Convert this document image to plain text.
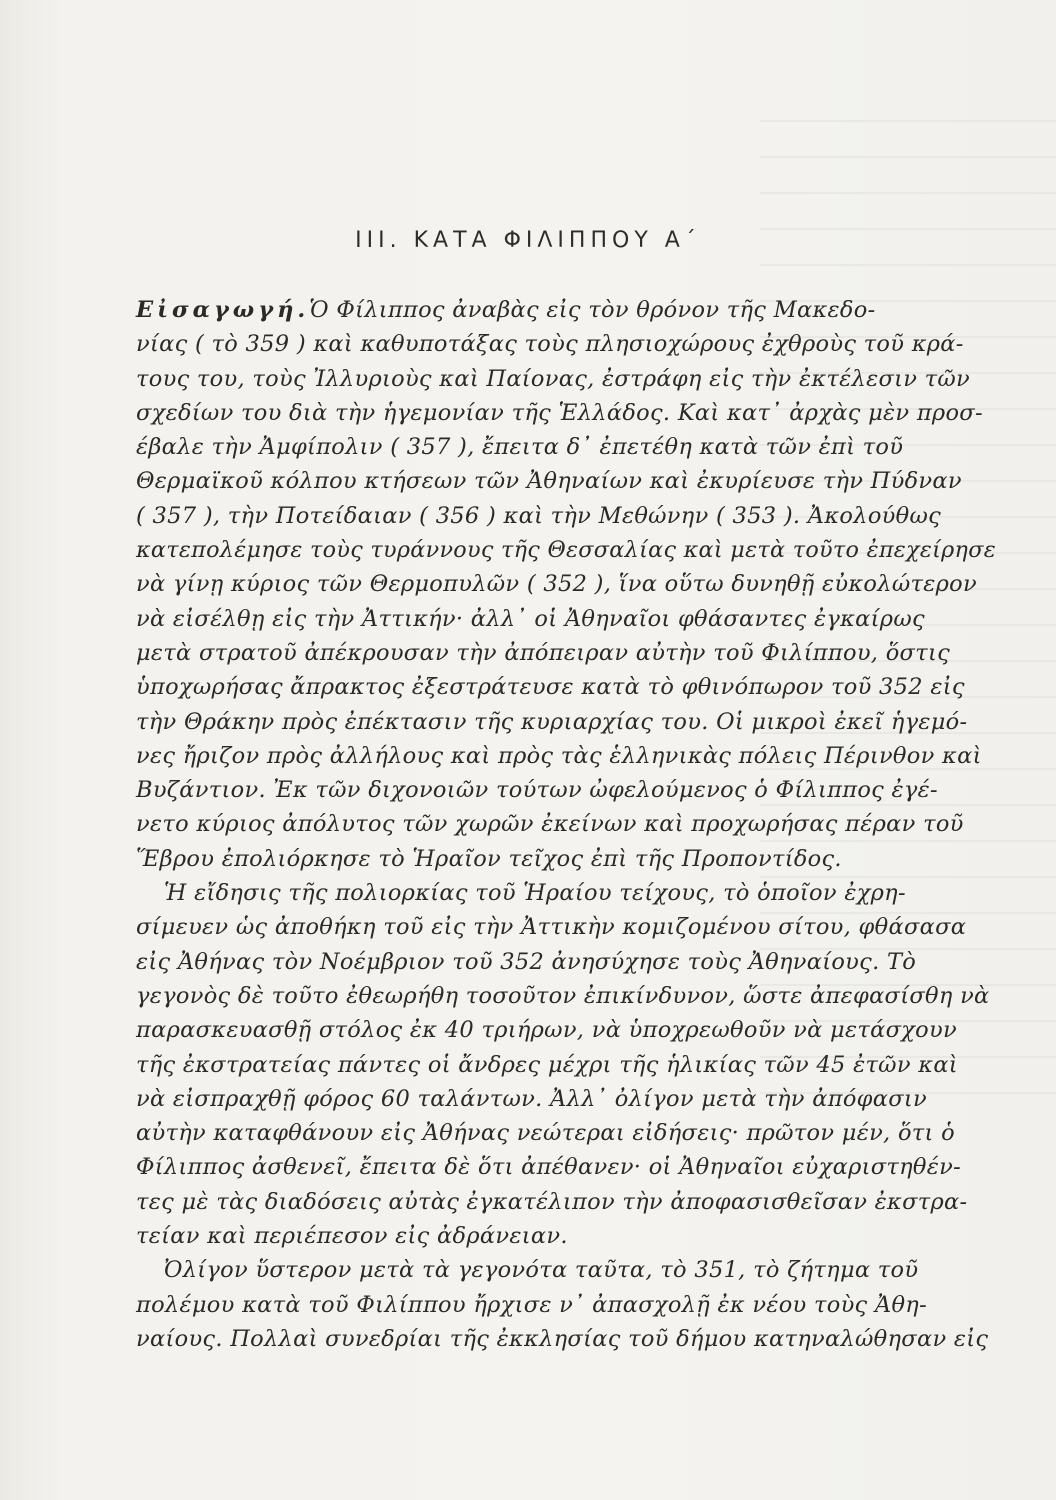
III. ΚΑΤΑ ΦΙΛΙΠΠΟΥ Α΄
Εἰσαγωγή.Ὁ Φίλιππος ἀναβὰς εἰς τὸν θρόνον τῆς Μακεδο-
νίας ( τὸ 359 ) καὶ καθυποτάξας τοὺς πλησιοχώρους ἐχθροὺς τοῦ κρά-
τους του, τοὺς Ἰλλυριοὺς καὶ Παίονας, ἐστράφη εἰς τὴν ἐκτέλεσιν τῶν
σχεδίων του διὰ τὴν ἡγεμονίαν τῆς Ἑλλάδος. Καὶ κατ᾽ ἀρχὰς μὲν προσ-
έβαλε τὴν Ἀμφίπολιν ( 357 ), ἔπειτα δ᾽ ἐπετέθη κατὰ τῶν ἐπὶ τοῦ
Θερμαϊκοῦ κόλπου κτήσεων τῶν Ἀθηναίων καὶ ἐκυρίευσε τὴν Πύδναν
( 357 ), τὴν Ποτείδαιαν ( 356 ) καὶ τὴν Μεθώνην ( 353 ). Ἀκολούθως
κατεπολέμησε τοὺς τυράννους τῆς Θεσσαλίας καὶ μετὰ τοῦτο ἐπεχείρησε
νὰ γίνῃ κύριος τῶν Θερμοπυλῶν ( 352 ), ἵνα οὕτω δυνηθῇ εὐκολώτερον
νὰ εἰσέλθῃ εἰς τὴν Ἀττικήν· ἀλλ᾽ οἱ Ἀθηναῖοι φθάσαντες ἐγκαίρως
μετὰ στρατοῦ ἀπέκρουσαν τὴν ἀπόπειραν αὐτὴν τοῦ Φιλίππου, ὅστις
ὑποχωρήσας ἄπρακτος ἐξεστράτευσε κατὰ τὸ φθινόπωρον τοῦ 352 εἰς
τὴν Θράκην πρὸς ἐπέκτασιν τῆς κυριαρχίας του. Οἱ μικροὶ ἐκεῖ ἡγεμό-
νες ἤριζον πρὸς ἀλλήλους καὶ πρὸς τὰς ἑλληνικὰς πόλεις Πέρινθον καὶ
Βυζάντιον. Ἐκ τῶν διχονοιῶν τούτων ὠφελούμενος ὁ Φίλιππος ἐγέ-
νετο κύριος ἀπόλυτος τῶν χωρῶν ἐκείνων καὶ προχωρήσας πέραν τοῦ
Ἕβρου ἐπολιόρκησε τὸ Ἡραῖον τεῖχος ἐπὶ τῆς Προποντίδος.
Ἡ εἴδησις τῆς πολιορκίας τοῦ Ἡραίου τείχους, τὸ ὁποῖον ἐχρη-
σίμευεν ὡς ἀποθήκη τοῦ εἰς τὴν Ἀττικὴν κομιζομένου σίτου, φθάσασα
εἰς Ἀθήνας τὸν Νοέμβριον τοῦ 352 ἀνησύχησε τοὺς Ἀθηναίους. Τὸ
γεγονὸς δὲ τοῦτο ἐθεωρήθη τοσοῦτον ἐπικίνδυνον, ὥστε ἀπεφασίσθη νὰ
παρασκευασθῇ στόλος ἐκ 40 τριήρων, νὰ ὑποχρεωθοῦν νὰ μετάσχουν
τῆς ἐκστρατείας πάντες οἱ ἄνδρες μέχρι τῆς ἡλικίας τῶν 45 ἐτῶν καὶ
νὰ εἰσπραχθῇ φόρος 60 ταλάντων. Ἀλλ᾽ ὀλίγον μετὰ τὴν ἀπόφασιν
αὐτὴν καταφθάνουν εἰς Ἀθήνας νεώτεραι εἰδήσεις· πρῶτον μέν, ὅτι ὁ
Φίλιππος ἀσθενεῖ, ἔπειτα δὲ ὅτι ἀπέθανεν· οἱ Ἀθηναῖοι εὐχαριστηθέν-
τες μὲ τὰς διαδόσεις αὐτὰς ἐγκατέλιπον τὴν ἀποφασισθεῖσαν ἐκστρα-
τείαν καὶ περιέπεσον εἰς ἀδράνειαν.
Ὀλίγον ὕστερον μετὰ τὰ γεγονότα ταῦτα, τὸ 351, τὸ ζήτημα τοῦ
πολέμου κατὰ τοῦ Φιλίππου ἤρχισε ν᾽ ἀπασχολῇ ἐκ νέου τοὺς Ἀθη-
ναίους. Πολλαὶ συνεδρίαι τῆς ἐκκλησίας τοῦ δήμου κατηναλώθησαν εἰς
